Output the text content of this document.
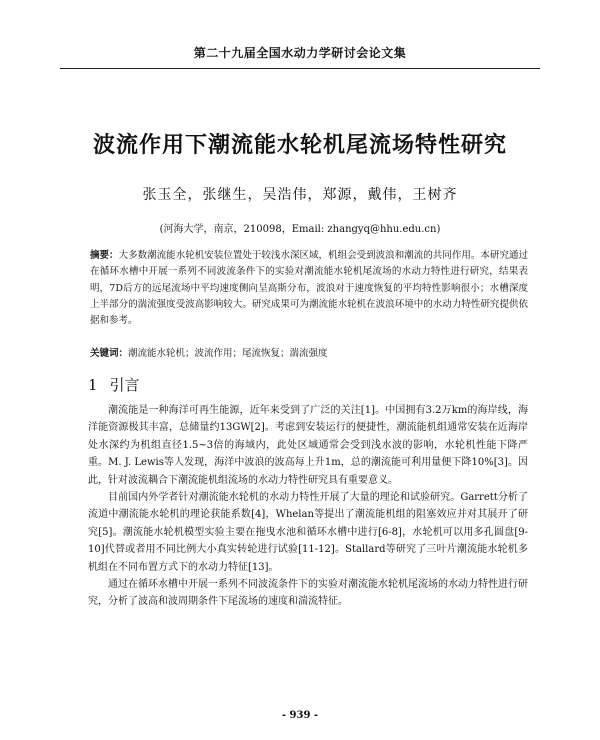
第二十九届全国水动力学研讨会论文集
波流作用下潮流能水轮机尾流场特性研究
张玉全，张继生，吴浩伟，郑源，戴伟，王树齐
(河海大学，南京，210098，Email: zhangyq@hhu.edu.cn)
摘要：大多数潮流能水轮机安装位置处于较浅水深区域，机组会受到波浪和潮流的共同作用。本研究通过在循环水槽中开展一系列不同波流条件下的实验对潮流能水轮机尾流场的水动力特性进行研究，结果表明，7D后方的远尾流场中平均速度侧向呈高斯分布，波浪对于速度恢复的平均特性影响很小；水槽深度上半部分的湍流强度受波高影响较大。研究成果可为潮流能水轮机在波浪环境中的水动力特性研究提供依据和参考。
关键词：潮流能水轮机；波流作用；尾流恢复；湍流强度
1 引言

潮流能是一种海洋可再生能源，近年来受到了广泛的关注[1]。中国拥有3.2万km的海岸线，海洋能资源极其丰富，总储量约13GW[2]。考虑到安装运行的便捷性，潮流能机组通常安装在近海岸处水深约为机组直径1.5~3倍的海域内，此处区域通常会受到浅水波的影响，水轮机性能下降严重。M. J. Lewis等人发现，海洋中波浪的波高每上升1m，总的潮流能可利用量便下降10%[3]。因此，针对波流耦合下潮流能机组流场的水动力特性研究具有重要意义。

目前国内外学者针对潮流能水轮机的水动力特性开展了大量的理论和试验研究。Garrett分析了流道中潮流能水轮机的理论获能系数[4]，Whelan等提出了潮流能机组的阻塞效应并对其展开了研究[5]。潮流能水轮机模型实验主要在拖曳水池和循环水槽中进行[6-8]，水轮机可以用多孔圆盘[9-10]代替或者用不同比例大小真实转轮进行试验[11-12]。Stallard等研究了三叶片潮流能水轮机多机组在不同布置方式下的水动力特征[13]。

通过在循环水槽中开展一系列不同波流条件下的实验对潮流能水轮机尾流场的水动力特性进行研究，分析了波高和波周期条件下尾流场的速度和湍流特征。

- 939 -
